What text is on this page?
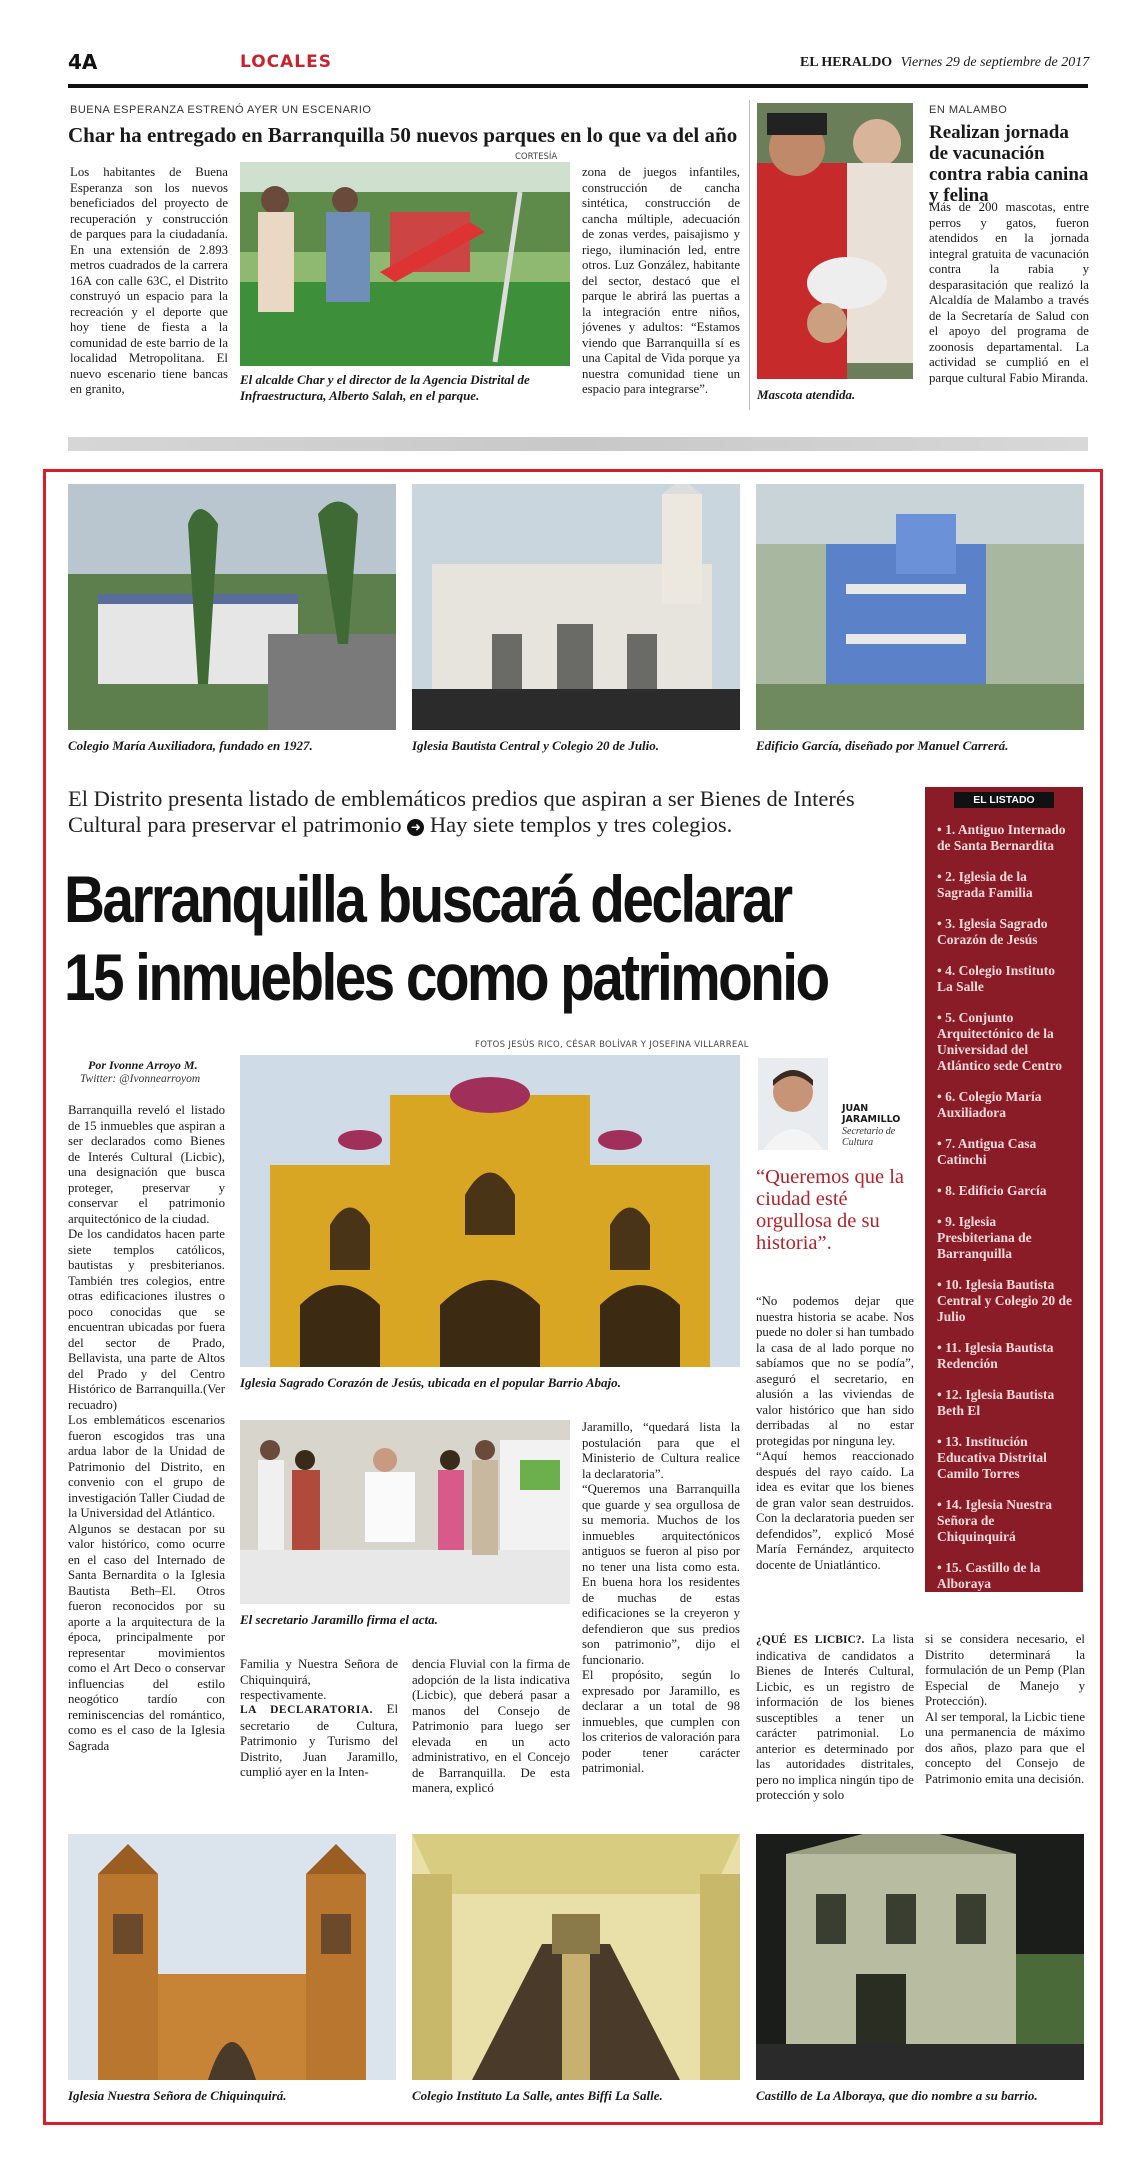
4A	LOCALES	EL HERALDO Viernes 29 de septiembre de 2017
BUENA ESPERANZA ESTRENÓ AYER UN ESCENARIO
Char ha entregado en Barranquilla 50 nuevos parques en lo que va del año
Los habitantes de Buena Esperanza son los nuevos beneficiados del proyecto de recuperación y construcción de parques para la ciudadanía. En una extensión de 2.893 metros cuadrados de la carrera 16A con calle 63C, el Distrito construyó un espacio para la recreación y el deporte que hoy tiene de fiesta a la comunidad de este barrio de la localidad Metropolitana. El nuevo escenario tiene bancas en granito,
CORTESÍA
El alcalde Char y el director de la Agencia Distrital de Infraestructura, Alberto Salah, en el parque.
zona de juegos infantiles, construcción de cancha sintética, construcción de cancha múltiple, adecuación de zonas verdes, paisajismo y riego, iluminación led, entre otros. Luz González, habitante del sector, destacó que el parque le abrirá las puertas a la integración entre niños, jóvenes y adultos: “Estamos viendo que Barranquilla sí es una Capital de Vida porque ya nuestra comunidad tiene un espacio para integrarse”.	Mascota atendida.
EN MALAMBO
Realizan jornada de vacunación contra rabia canina y felina
Más de 200 mascotas, entre perros y gatos, fueron atendidos en la jornada integral gratuita de vacunación contra la rabia y desparasitación que realizó la Alcaldía de Malambo a través de la Secretaría de Salud con el apoyo del programa de zoonosis departamental. La actividad se cumplió en el parque cultural Fabio Miranda.
Colegio María Auxiliadora, fundado en 1927.	Iglesia Bautista Central y Colegio 20 de Julio.	Edificio García, diseñado por Manuel Carrerá.
El Distrito presenta listado de emblemáticos predios que aspiran a ser Bienes de Interés Cultural para preservar el patrimonio ➜ Hay siete templos y tres colegios.
Barranquilla buscará declarar
15 inmuebles como patrimonio
FOTOS JESÚS RICO, CÉSAR BOLÍVAR Y JOSEFINA VILLARREAL
Por Ivonne Arroyo M.
Twitter: @Ivonnearroyom
Barranquilla reveló el listado de 15 inmuebles que aspiran a ser declarados como Bienes de Interés Cultural (Licbic), una designación que busca proteger, preservar y conservar el patrimonio arquitectónico de la ciudad.
De los candidatos hacen parte siete templos católicos, bautistas y presbiterianos. También tres colegios, entre otras edificaciones ilustres o poco conocidas que se encuentran ubicadas por fuera del sector de Prado, Bellavista, una parte de Altos del Prado y del Centro Histórico de Barranquilla.(Ver recuadro)
Los emblemáticos escenarios fueron escogidos tras una ardua labor de la Unidad de Patrimonio del Distrito, en convenio con el grupo de investigación Taller Ciudad de la Universidad del Atlántico.
Algunos se destacan por su valor histórico, como ocurre en el caso del Internado de Santa Bernardita o la Iglesia Bautista Beth–El. Otros fueron reconocidos por su aporte a la arquitectura de la época, principalmente por representar movimientos como el Art Deco o conservar influencias del estilo neogótico tardío con reminiscencias del romántico, como es el caso de la Iglesia Sagrada
Iglesia Sagrado Corazón de Jesús, ubicada en el popular Barrio Abajo.
El secretario Jaramillo firma el acta.
Familia y Nuestra Señora de Chiquinquirá, respectivamente.
LA DECLARATORIA. El secretario de Cultura, Patrimonio y Turismo del Distrito, Juan Jaramillo, cumplió ayer en la Inten-
dencia Fluvial con la firma de adopción de la lista indicativa (Licbic), que deberá pasar a manos del Consejo de Patrimonio para luego ser elevada en un acto administrativo, en el Concejo de Barranquilla. De esta manera, explicó
Jaramillo, “quedará lista la postulación para que el Ministerio de Cultura realice la declaratoria”.
“Queremos una Barranquilla que guarde y sea orgullosa de su memoria. Muchos de los inmuebles arquitectónicos antiguos se fueron al piso por no tener una lista como esta. En buena hora los residentes de muchas de estas edificaciones se la creyeron y defendieron que sus predios son patrimonio”, dijo el funcionario.
El propósito, según lo expresado por Jaramillo, es declarar a un total de 98 inmuebles, que cumplen con los criterios de valoración para poder tener carácter patrimonial.
JUAN
JARAMILLO
Secretario de Cultura
“Queremos que la ciudad esté orgullosa de su historia”.
“No podemos dejar que nuestra historia se acabe. Nos puede no doler si han tumbado la casa de al lado porque no sabíamos que no se podía”, aseguró el secretario, en alusión a las viviendas de valor histórico que han sido derribadas al no estar protegidas por ninguna ley.
“Aquí hemos reaccionado después del rayo caído. La idea es evitar que los bienes de gran valor sean destruidos. Con la declaratoria pueden ser defendidos”, explicó Mosé María Fernández, arquitecto docente de Uniatlántico.
¿QUÉ ES LICBIC?. La lista indicativa de candidatos a Bienes de Interés Cultural, Licbic, es un registro de información de los bienes susceptibles a tener un carácter patrimonial. Lo anterior es determinado por las autoridades distritales, pero no implica ningún tipo de protección y solo
si se considera necesario, el Distrito determinará la formulación de un Pemp (Plan Especial de Manejo y Protección).
Al ser temporal, la Licbic tiene una permanencia de máximo dos años, plazo para que el concepto del Consejo de Patrimonio emita una decisión.
EL LISTADO
• 1. Antiguo Internado de Santa Bernardita
• 2. Iglesia de la Sagrada Familia
• 3. Iglesia Sagrado Corazón de Jesús
• 4. Colegio Instituto La Salle
• 5. Conjunto Arquitectónico de la Universidad del Atlántico sede Centro
• 6. Colegio María Auxiliadora
• 7. Antigua Casa Catinchi
• 8. Edificio García
• 9. Iglesia Presbiteriana de Barranquilla
• 10. Iglesia Bautista Central y Colegio 20 de Julio
• 11. Iglesia Bautista Redención
• 12. Iglesia Bautista Beth El
• 13. Institución Educativa Distrital Camilo Torres
• 14. Iglesia Nuestra Señora de Chiquinquirá
• 15. Castillo de la Alboraya
Iglesia Nuestra Señora de Chiquinquirá.	Colegio Instituto La Salle, antes Biffi La Salle.	Castillo de La Alboraya, que dio nombre a su barrio.
